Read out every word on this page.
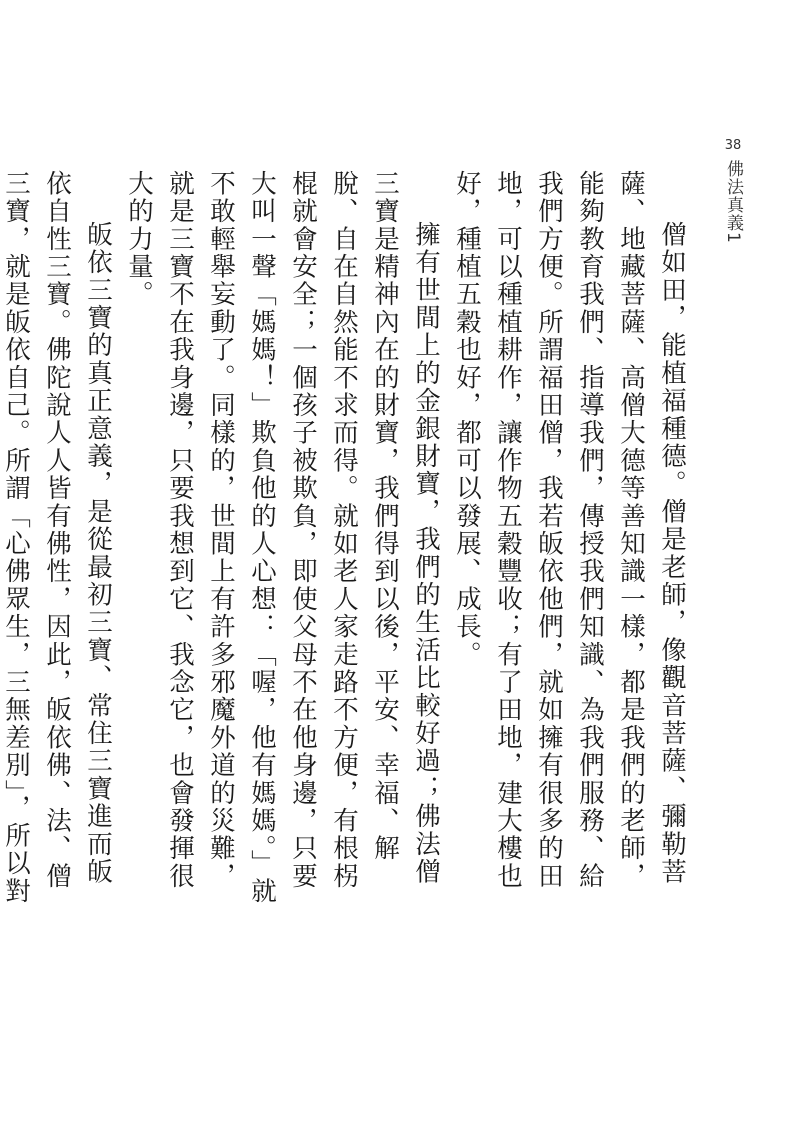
38
佛法真義1

僧如田，能植福種德。僧是老師，像觀音菩薩、彌勒菩薩、地藏菩薩、高僧大德等善知識一樣，都是我們的老師，能夠教育我們、指導我們，傳授我們知識、為我們服務、給我們方便。所謂福田僧，我若皈依他們，就如擁有很多的田地，可以種植耕作，讓作物五穀豐收；有了田地，建大樓也好，種植五穀也好，都可以發展、成長。

擁有世間上的金銀財寶，我們的生活比較好過；佛法僧三寶是精神內在的財寶，我們得到以後，平安、幸福、解脫、自在自然能不求而得。就如老人家走路不方便，有根柺棍就會安全；一個孩子被欺負，即使父母不在他身邊，只要大叫一聲「媽媽！」欺負他的人心想：「喔，他有媽媽。」就不敢輕舉妄動了。同樣的，世間上有許多邪魔外道的災難，就是三寶不在我身邊，只要我想到它、我念它，也會發揮很大的力量。

皈依三寶的真正意義，是從最初三寶、常住三寶進而皈依自性三寶。佛陀說人人皆有佛性，因此，皈依佛、法、僧三寶，就是皈依自己。所謂「心佛眾生，三無差別」，所以對
